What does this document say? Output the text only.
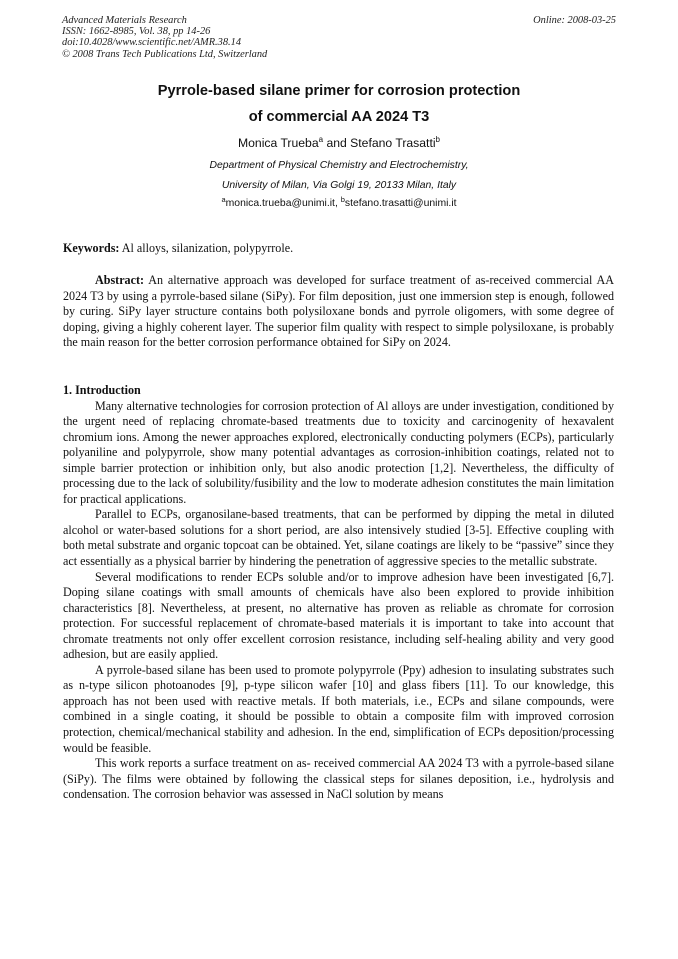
Advanced Materials Research
ISSN: 1662-8985, Vol. 38, pp 14-26
doi:10.4028/www.scientific.net/AMR.38.14
© 2008 Trans Tech Publications Ltd, Switzerland
Online: 2008-03-25
Pyrrole-based silane primer for corrosion protection
of commercial AA 2024 T3
Monica Trueba$^a$ and Stefano Trasatti$^b$
Department of Physical Chemistry and Electrochemistry,
University of Milan, Via Golgi 19, 20133 Milan, Italy
$^a$monica.trueba@unimi.it, $^b$stefano.trasatti@unimi.it

Keywords: Al alloys, silanization, polypyrrole.

Abstract: An alternative approach was developed for surface treatment of as-received commercial AA 2024 T3 by using a pyrrole-based silane (SiPy). For film deposition, just one immersion step is enough, followed by curing. SiPy layer structure contains both polysiloxane bonds and pyrrole oligomers, with some degree of doping, giving a highly coherent layer. The superior film quality with respect to simple polysiloxane, is probably the main reason for the better corrosion performance obtained for SiPy on 2024.

1. Introduction

Many alternative technologies for corrosion protection of Al alloys are under investigation, conditioned by the urgent need of replacing chromate-based treatments due to toxicity and carcinogenity of hexavalent chromium ions. Among the newer approaches explored, electronically conducting polymers (ECPs), particularly polyaniline and polypyrrole, show many potential advantages as corrosion-inhibition coatings, related not to simple barrier protection or inhibition only, but also anodic protection [1,2]. Nevertheless, the difficulty of processing due to the lack of solubility/fusibility and the low to moderate adhesion constitutes the main limitation for practical applications.

Parallel to ECPs, organosilane-based treatments, that can be performed by dipping the metal in diluted alcohol or water-based solutions for a short period, are also intensively studied [3-5]. Effective coupling with both metal substrate and organic topcoat can be obtained. Yet, silane coatings are likely to be “passive” since they act essentially as a physical barrier by hindering the penetration of aggressive species to the metallic substrate.

Several modifications to render ECPs soluble and/or to improve adhesion have been investigated [6,7]. Doping silane coatings with small amounts of chemicals have also been explored to provide inhibition characteristics [8]. Nevertheless, at present, no alternative has proven as reliable as chromate for corrosion protection. For successful replacement of chromate-based materials it is important to take into account that chromate treatments not only offer excellent corrosion resistance, including self-healing ability and very good adhesion, but are easily applied.

A pyrrole-based silane has been used to promote polypyrrole (Ppy) adhesion to insulating substrates such as n-type silicon photoanodes [9], p-type silicon wafer [10] and glass fibers [11]. To our knowledge, this approach has not been used with reactive metals. If both materials, i.e., ECPs and silane compounds, were combined in a single coating, it should be possible to obtain a composite film with improved corrosion protection, chemical/mechanical stability and adhesion. In the end, simplification of ECPs deposition/processing would be feasible.

This work reports a surface treatment on as- received commercial AA 2024 T3 with a pyrrole-based silane (SiPy). The films were obtained by following the classical steps for silanes deposition, i.e., hydrolysis and condensation. The corrosion behavior was assessed in NaCl solution by means
